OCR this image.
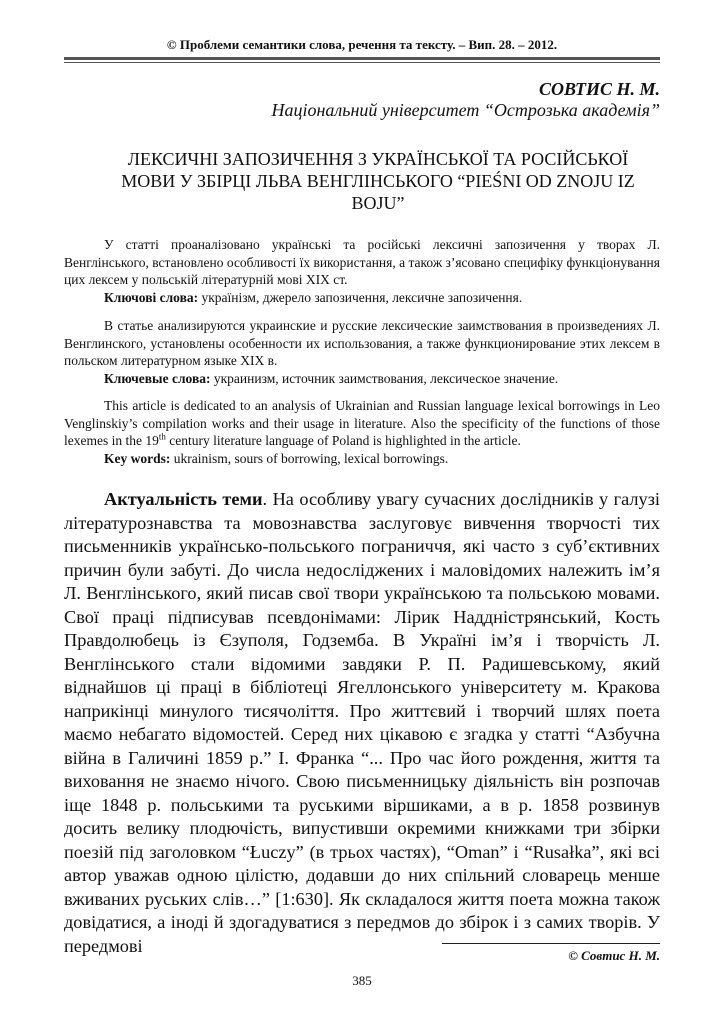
© Проблеми семантики слова, речення та тексту. – Вип. 28. – 2012.
СОВТИС Н. М.
Національний університет “Острозька академія”
ЛЕКСИЧНІ ЗАПОЗИЧЕННЯ З УКРАЇНСЬКОЇ ТА РОСІЙСЬКОЇ
МОВИ У ЗБІРЦІ ЛЬВА ВЕНГЛІНСЬКОГО “PIEŚNI OD ZNOJU IZ
BOJU”

У статті проаналізовано українські та російські лексичні запозичення у творах Л. Венглінського, встановлено особливості їх використання, а також з’ясовано специфіку функціонування цих лексем у польській літературній мові XIX ст.

Ключові слова: українізм, джерело запозичення, лексичне запозичення.

В статье анализируются украинские и русские лексические заимствования в произведениях Л. Венглинского, установлены особенности их использования, а также функционирование этих лексем в польском литературном языке XIX в.

Ключевые слова: украинизм, источник заимствования, лексическое значение.

This article is dedicated to an analysis of Ukrainian and Russian language lexical borrowings in Leo Venglinskiy’s compilation works and their usage in literature. Also the specificity of the functions of those lexemes in the 19th century literature language of Poland is highlighted in the article.

Key words: ukrainism, sours of borrowing, lexical borrowings.

Актуальність теми. На особливу увагу сучасних дослідників у галузі літературознавства та мовознавства заслуговує вивчення творчості тих письменників українсько-польського пограниччя, які часто з суб’єктивних причин були забуті. До числа недосліджених і маловідомих належить ім’я Л. Венглінського, який писав свої твори українською та польською мовами. Свої праці підписував псевдонімами: Лірик Наддністрянський, Кость Правдолюбець із Єзуполя, Годземба. В Україні ім’я і творчість Л. Венглінського стали відомими завдяки Р. П. Радишевському, який віднайшов ці праці в бібліотеці Ягеллонського університету м. Кракова наприкінці минулого тисячоліття. Про життєвий і творчий шлях поета маємо небагато відомостей. Серед них цікавою є згадка у статті “Азбучна війна в Галичині 1859 р.” І. Франка “... Про час його рождення, життя та виховання не знаємо нічого. Свою письменницьку діяльність він розпочав іще 1848 р. польськими та руськими віршиками, а в р. 1858 розвинув досить велику плодючість, випустивши окремими книжками три збірки поезій під заголовком “Łuczy” (в трьох частях), “Oman” і “Rusałka”, які всі автор уважав одною цілістю, додавши до них спільний словарець менше вживаних руських слів…” [1:630]. Як складалося життя поета можна також довідатися, а іноді й здогадуватися з передмов до збірок і з самих творів. У передмові	© Совтис Н. М.
385
